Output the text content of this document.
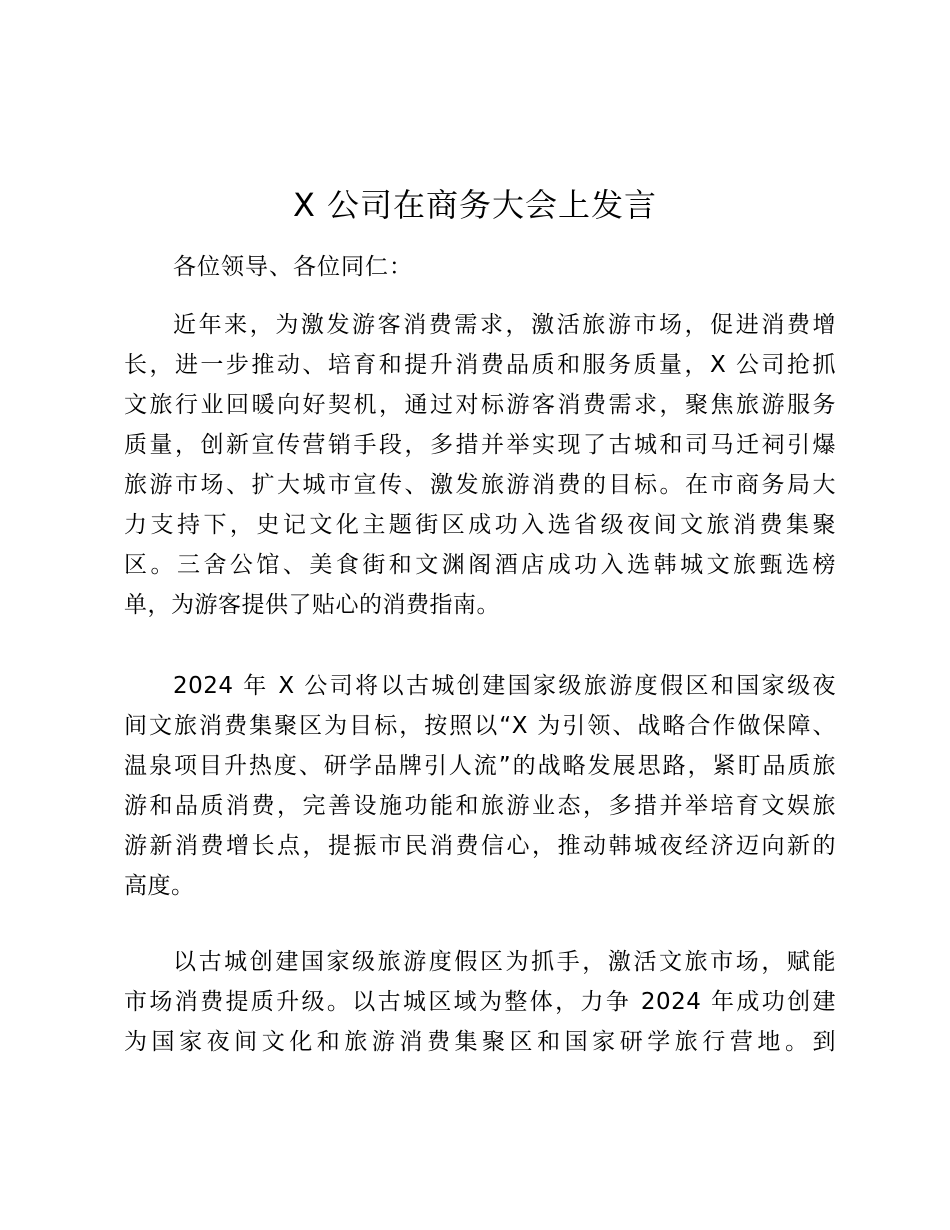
X 公司在商务大会上发言

各位领导、各位同仁：

近年来，为激发游客消费需求，激活旅游市场，促进消费增
长，进一步推动、培育和提升消费品质和服务质量，X 公司抢抓
文旅行业回暖向好契机，通过对标游客消费需求，聚焦旅游服务
质量，创新宣传营销手段，多措并举实现了古城和司马迁祠引爆
旅游市场、扩大城市宣传、激发旅游消费的目标。在市商务局大
力支持下，史记文化主题街区成功入选省级夜间文旅消费集聚
区。三舍公馆、美食街和文渊阁酒店成功入选韩城文旅甄选榜
单，为游客提供了贴心的消费指南。
2024 年 X 公司将以古城创建国家级旅游度假区和国家级夜
间文旅消费集聚区为目标，按照以“X 为引领、战略合作做保障、
温泉项目升热度、研学品牌引人流”的战略发展思路，紧盯品质旅
游和品质消费，完善设施功能和旅游业态，多措并举培育文娱旅
游新消费增长点，提振市民消费信心，推动韩城夜经济迈向新的
高度。
以古城创建国家级旅游度假区为抓手，激活文旅市场，赋能
市场消费提质升级。以古城区域为整体，力争 2024 年成功创建
为国家夜间文化和旅游消费集聚区和国家研学旅行营地。到
